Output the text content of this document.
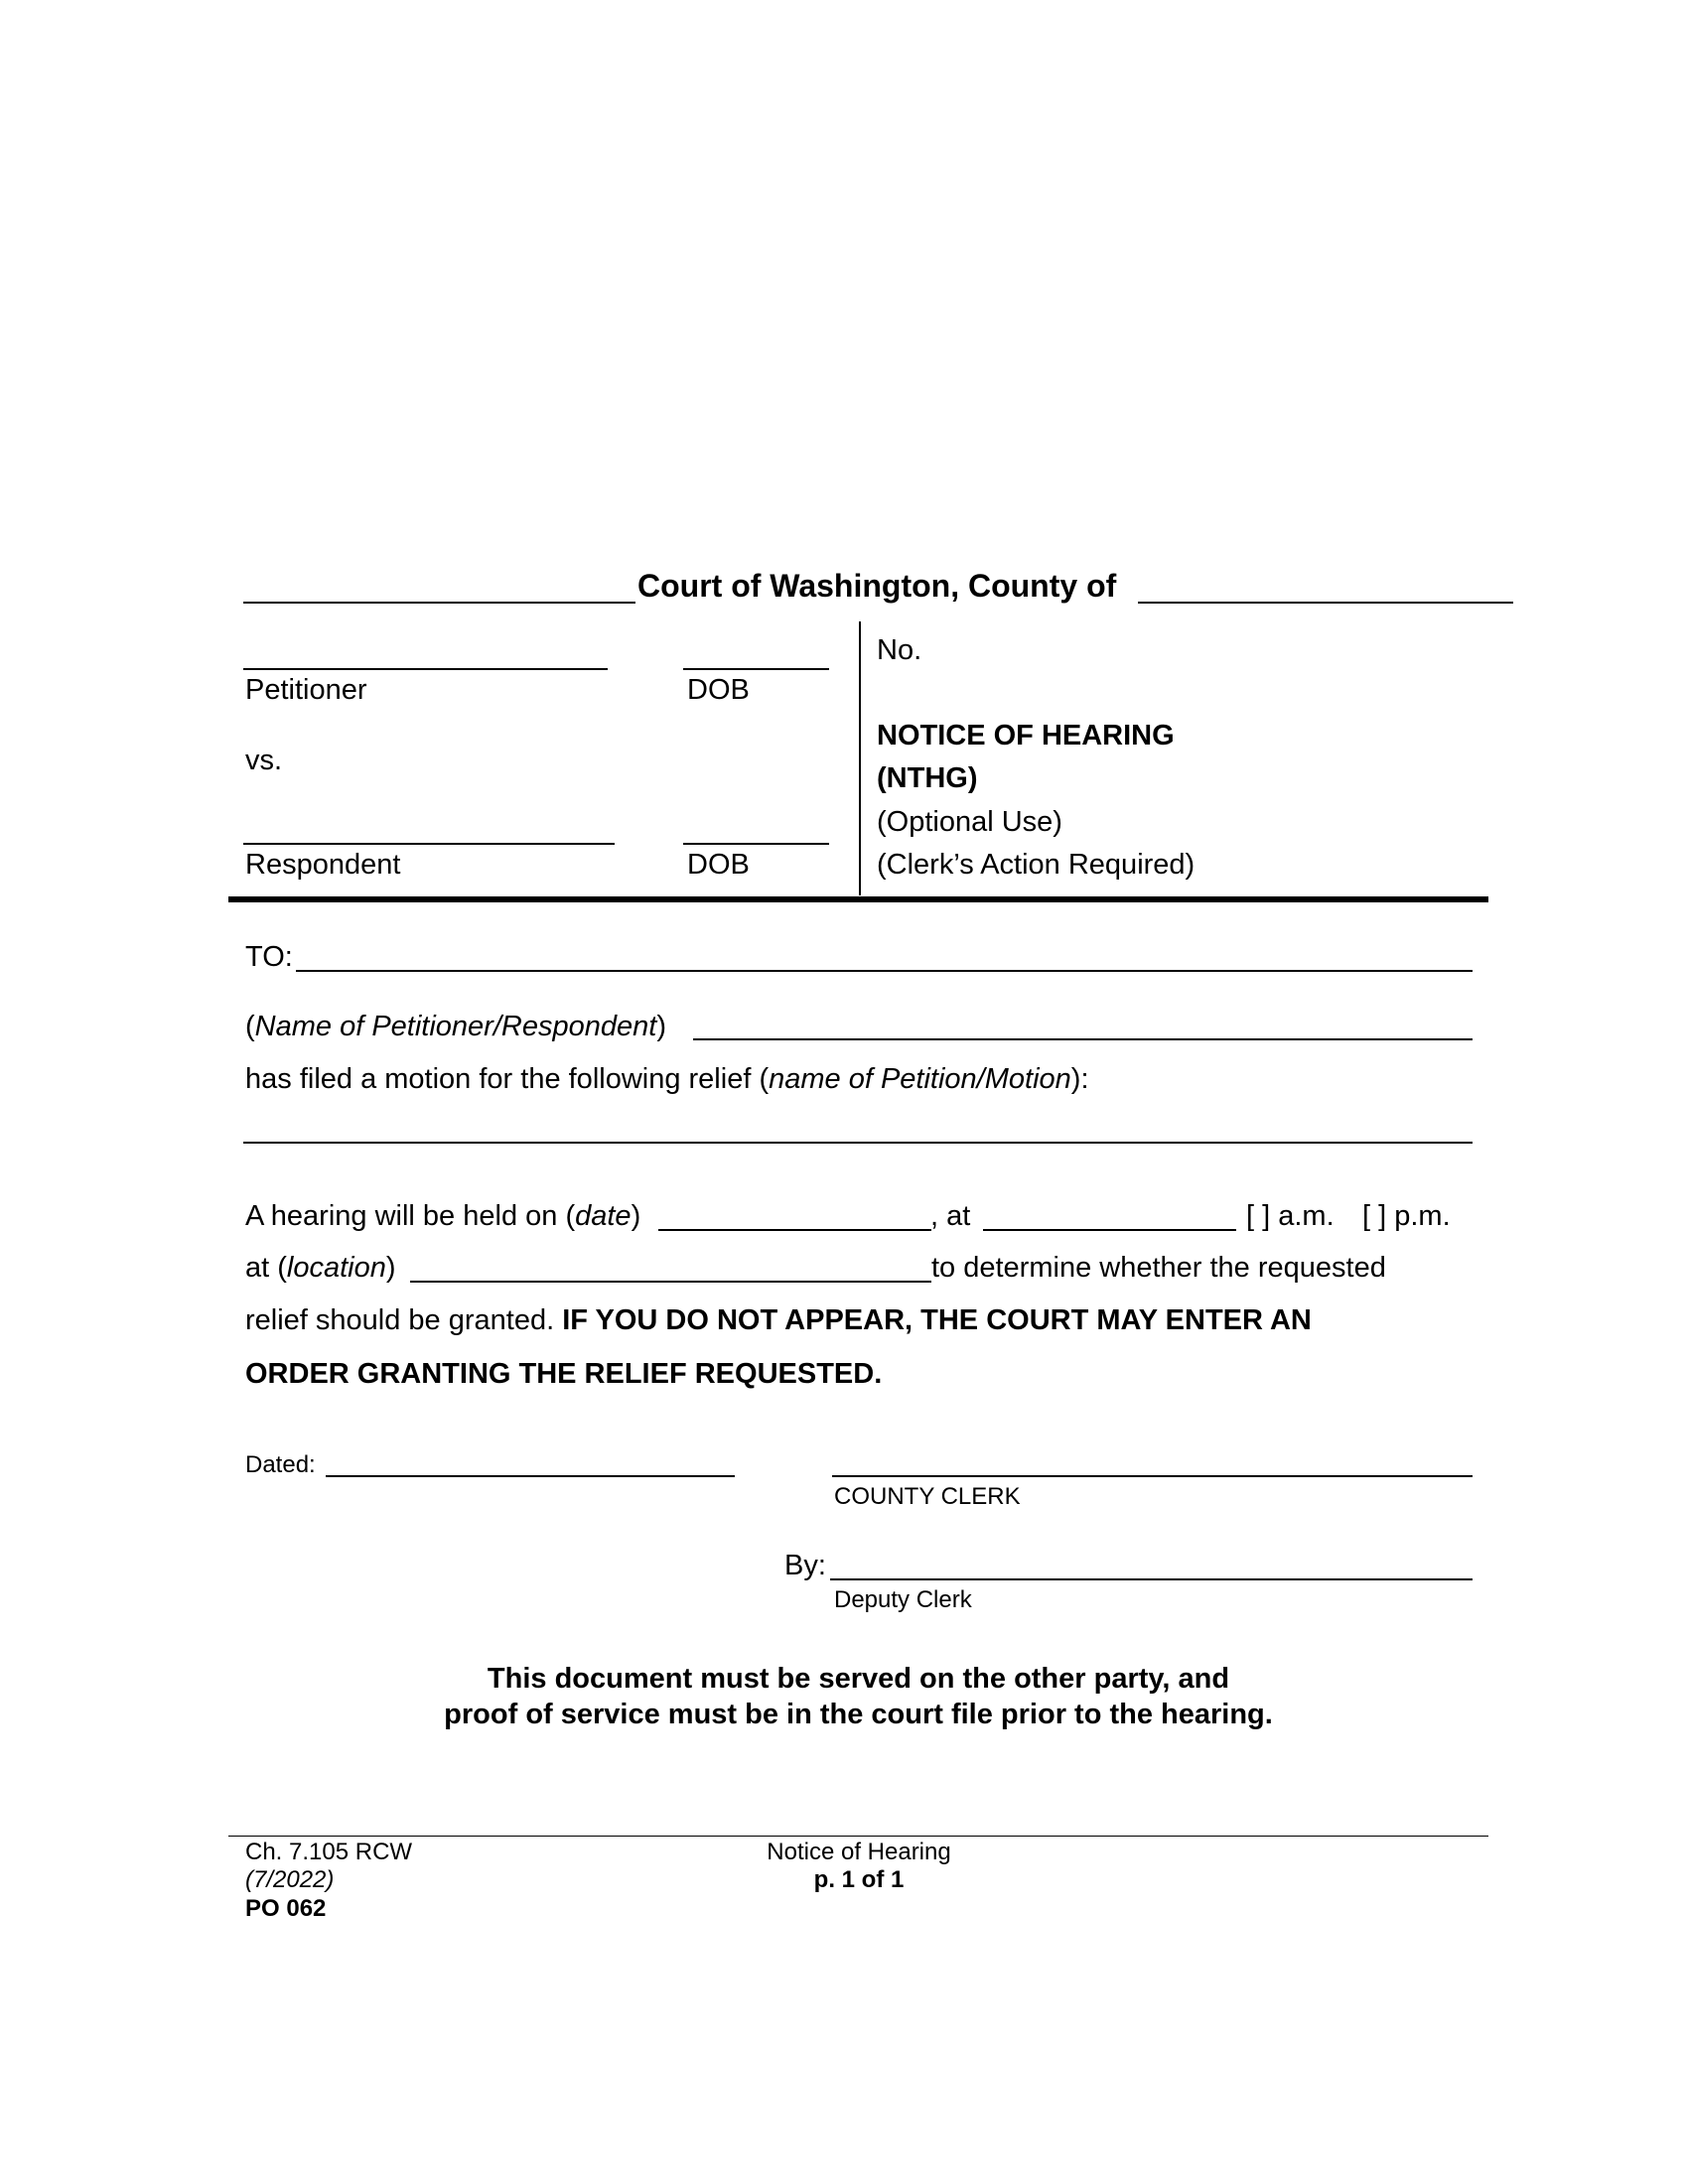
Court of Washington, County of
Petitioner	DOB
vs.
Respondent	DOB
No.
NOTICE OF HEARING
(NTHG)
(Optional Use)
(Clerk’s Action Required)
TO:
(Name of Petitioner/Respondent)
has filed a motion for the following relief (name of Petition/Motion):
A hearing will be held on (date)	, at	[ ] a.m. [ ] p.m.
at (location)	to determine whether the requested
relief should be granted. IF YOU DO NOT APPEAR, THE COURT MAY ENTER AN
ORDER GRANTING THE RELIEF REQUESTED.
Dated:
COUNTY CLERK
By:
Deputy Clerk
This document must be served on the other party, and
proof of service must be in the court file prior to the hearing.
Ch. 7.105 RCW
(7/2022)
PO 062
Notice of Hearing
p. 1 of 1
